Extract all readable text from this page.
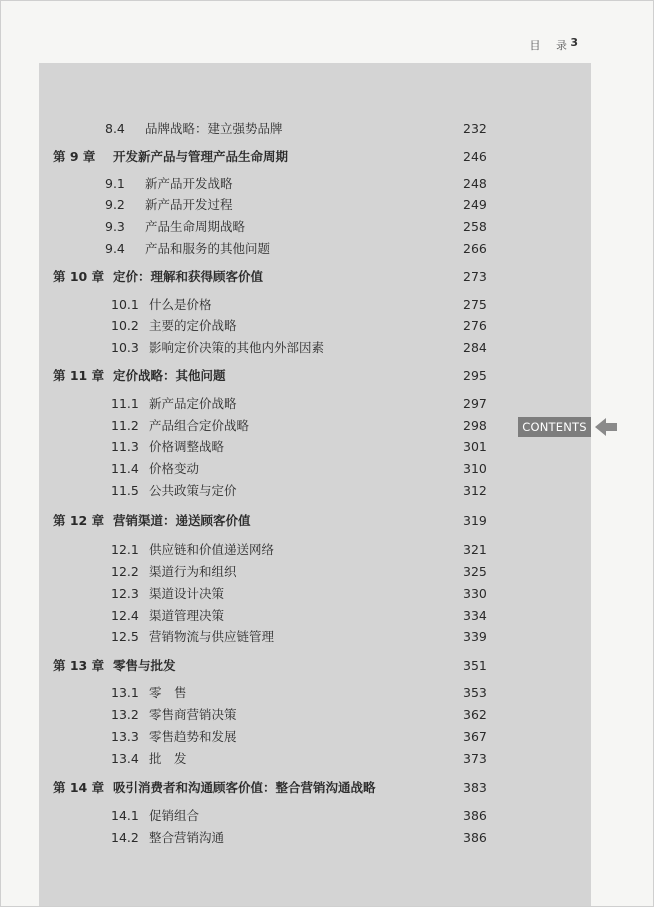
目 录
3
8.4 品牌战略：建立强势品牌	232
第 9 章 开发新产品与管理产品生命周期	246
9.1 新产品开发战略	248
9.2 新产品开发过程	249
9.3 产品生命周期战略	258
9.4 产品和服务的其他问题	266
第 10 章 定价：理解和获得顾客价值	273
10.1 什么是价格	275
10.2 主要的定价战略	276
10.3 影响定价决策的其他内外部因素	284
第 11 章 定价战略：其他问题	295
11.1 新产品定价战略	297
11.2 产品组合定价战略	298
11.3 价格调整战略	301
11.4 价格变动	310
11.5 公共政策与定价	312
第 12 章 营销渠道：递送顾客价值	319
12.1 供应链和价值递送网络	321
12.2 渠道行为和组织	325
12.3 渠道设计决策	330
12.4 渠道管理决策	334
12.5 营销物流与供应链管理	339
第 13 章 零售与批发	351
13.1 零　售	353
13.2 零售商营销决策	362
13.3 零售趋势和发展	367
13.4 批　发	373
第 14 章 吸引消费者和沟通顾客价值：整合营销沟通战略	383
14.1 促销组合	386
14.2 整合营销沟通	386
CONTENTS
